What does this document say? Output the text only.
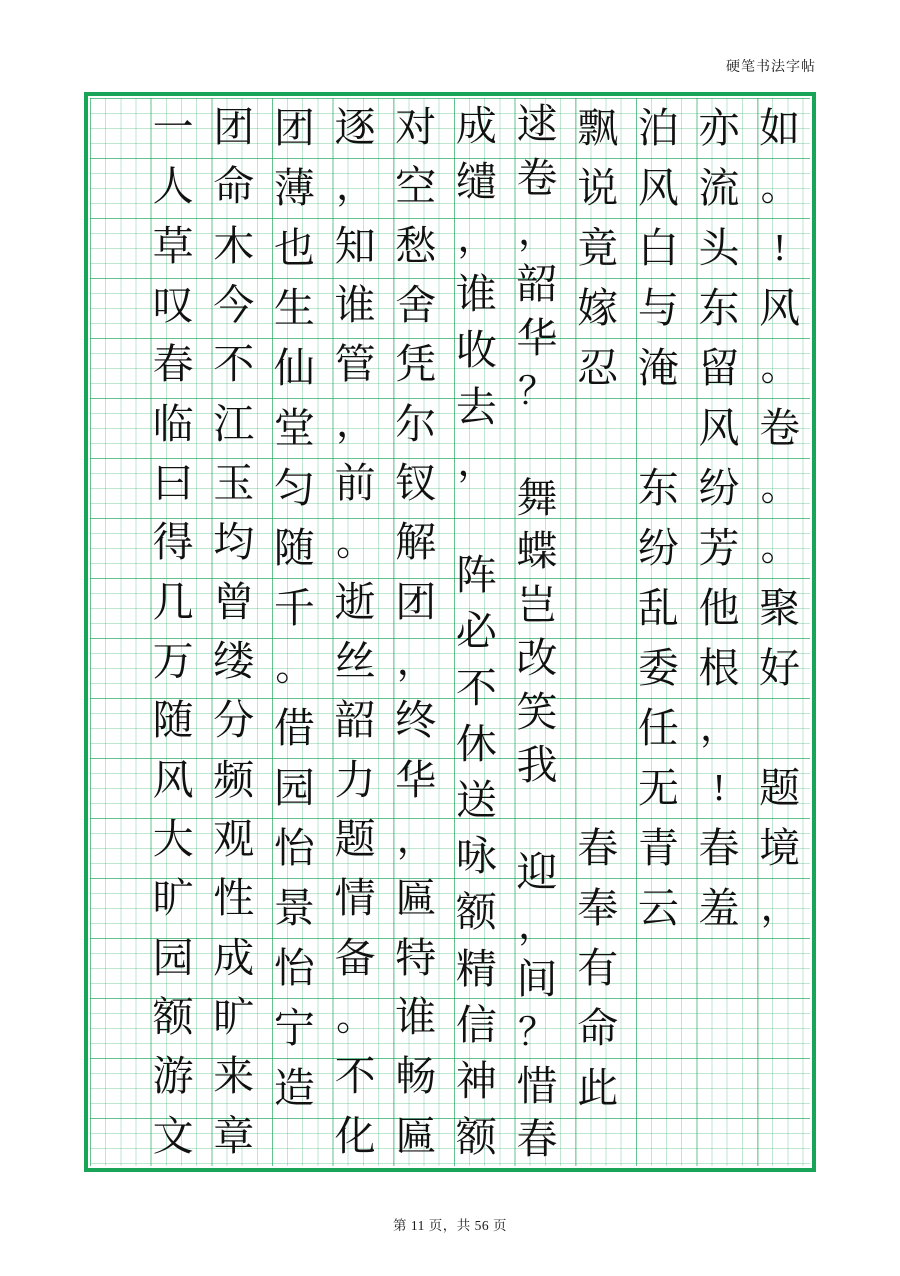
硬笔书法字帖
如
。
!
风
。
卷
。
。
聚
好
题
境
，
亦
流
头
东
留
风
纷
芳
他
根
，
!
春
羞
泊
风
白
与
淹
东
纷
乱
委
任
无
青
云
飘
说
竟
嫁
忍
春
奉
有
命
此
逑
卷
，
韶
华
？
舞
蝶
岂
改
笑
我
迎
，
间
？
惜
春
成
缱
，
谁
收
去
，
阵
必
不
休
送
咏
额
精
信
神
额
对
空
愁
舍
凭
尔
钗
解
团
，
终
华
，
匾
特
谁
畅
匾
逐
，
知
谁
管
，
前
。
逝
丝
韶
力
题
情
备
。
不
化
团
薄
也
生
仙
堂
匀
随
千
。
借
园
怡
景
怡
宁
造
团
命
木
今
不
江
玉
均
曾
缕
分
频
观
性
成
旷
来
章
一
人
草
叹
春
临
曰
得
几
万
随
风
大
旷
园
额
游
文
第 11 页，共 56 页
